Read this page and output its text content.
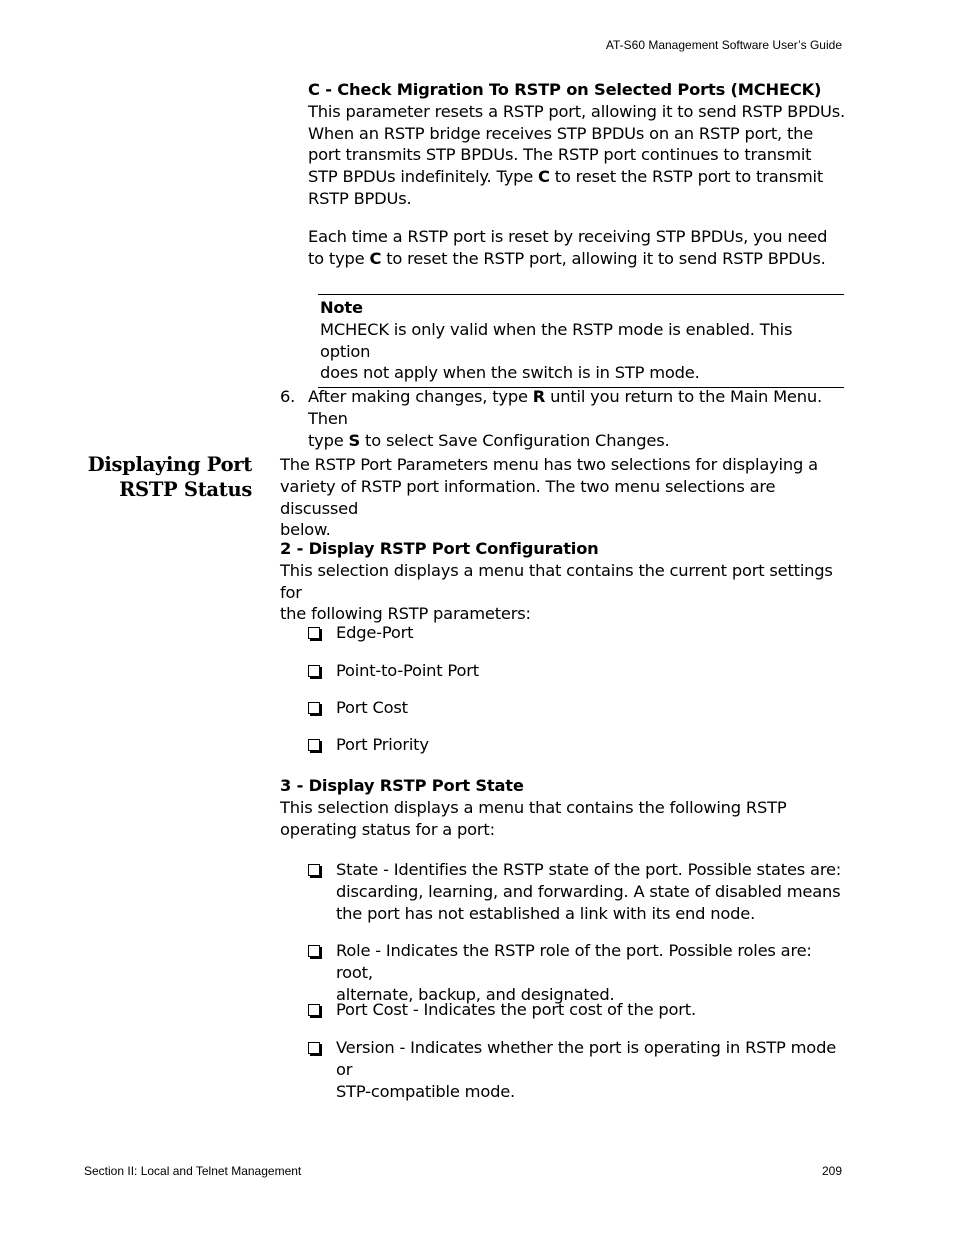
AT-S60 Management Software User’s Guide

C - Check Migration To RSTP on Selected Ports (MCHECK)

This parameter resets a RSTP port, allowing it to send RSTP BPDUs.
When an RSTP bridge receives STP BPDUs on an RSTP port, the
port transmits STP BPDUs. The RSTP port continues to transmit
STP BPDUs indefinitely. Type C to reset the RSTP port to transmit
RSTP BPDUs.

Each time a RSTP port is reset by receiving STP BPDUs, you need
to type C to reset the RSTP port, allowing it to send RSTP BPDUs.
Note
MCHECK is only valid when the RSTP mode is enabled. This option
does not apply when the switch is in STP mode.
6. After making changes, type R until you return to the Main Menu. Then
type S to select Save Configuration Changes.
Displaying Port
RSTP Status
The RSTP Port Parameters menu has two selections for displaying a
variety of RSTP port information. The two menu selections are discussed
below.

2 - Display RSTP Port Configuration

This selection displays a menu that contains the current port settings for
the following RSTP parameters:
Edge-Port
Point-to-Point Port
Port Cost
Port Priority

3 - Display RSTP Port State

This selection displays a menu that contains the following RSTP
operating status for a port:
State - Identifies the RSTP state of the port. Possible states are:
discarding, learning, and forwarding. A state of disabled means
the port has not established a link with its end node.
Role - Indicates the RSTP role of the port. Possible roles are: root,
alternate, backup, and designated.
Port Cost - Indicates the port cost of the port.
Version - Indicates whether the port is operating in RSTP mode or
STP-compatible mode.
Section II: Local and Telnet Management	209
